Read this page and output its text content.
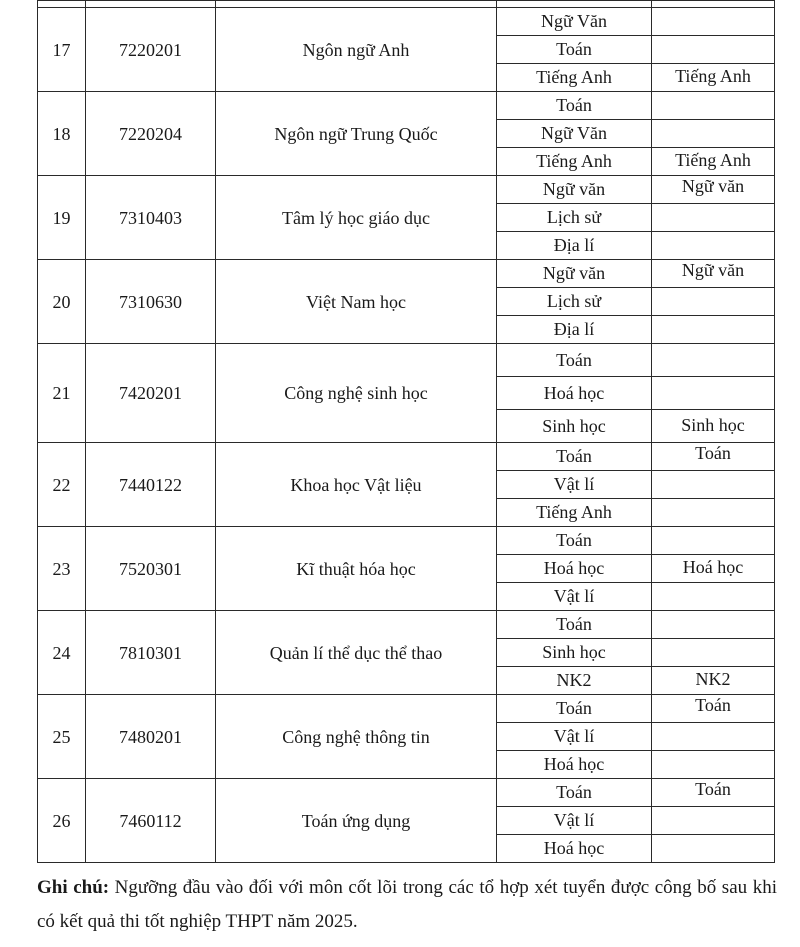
17	7220201	Ngôn ngữ Anh	Ngữ Văn	
			Toán	
			Tiếng Anh	Tiếng Anh
18	7220204	Ngôn ngữ Trung Quốc	Toán	
			Ngữ Văn	
			Tiếng Anh	Tiếng Anh
19	7310403	Tâm lý học giáo dục	Ngữ văn	Ngữ văn
			Lịch sử	
			Địa lí	
20	7310630	Việt Nam học	Ngữ văn	Ngữ văn
			Lịch sử	
			Địa lí	
21	7420201	Công nghệ sinh học	Toán	
			Hoá học	
			Sinh học	Sinh học
22	7440122	Khoa học Vật liệu	Toán	Toán
			Vật lí	
			Tiếng Anh	
23	7520301	Kĩ thuật hóa học	Toán	
			Hoá học	Hoá học
			Vật lí	
24	7810301	Quản lí thể dục thể thao	Toán	
			Sinh học	
			NK2	NK2
25	7480201	Công nghệ thông tin	Toán	Toán
			Vật lí	
			Hoá học	
26	7460112	Toán ứng dụng	Toán	Toán
			Vật lí	
			Hoá học	
Ghi chú: Ngưỡng đầu vào đối với môn cốt lõi trong các tổ hợp xét tuyển được công bố sau khi có kết quả thi tốt nghiệp THPT năm 2025.
